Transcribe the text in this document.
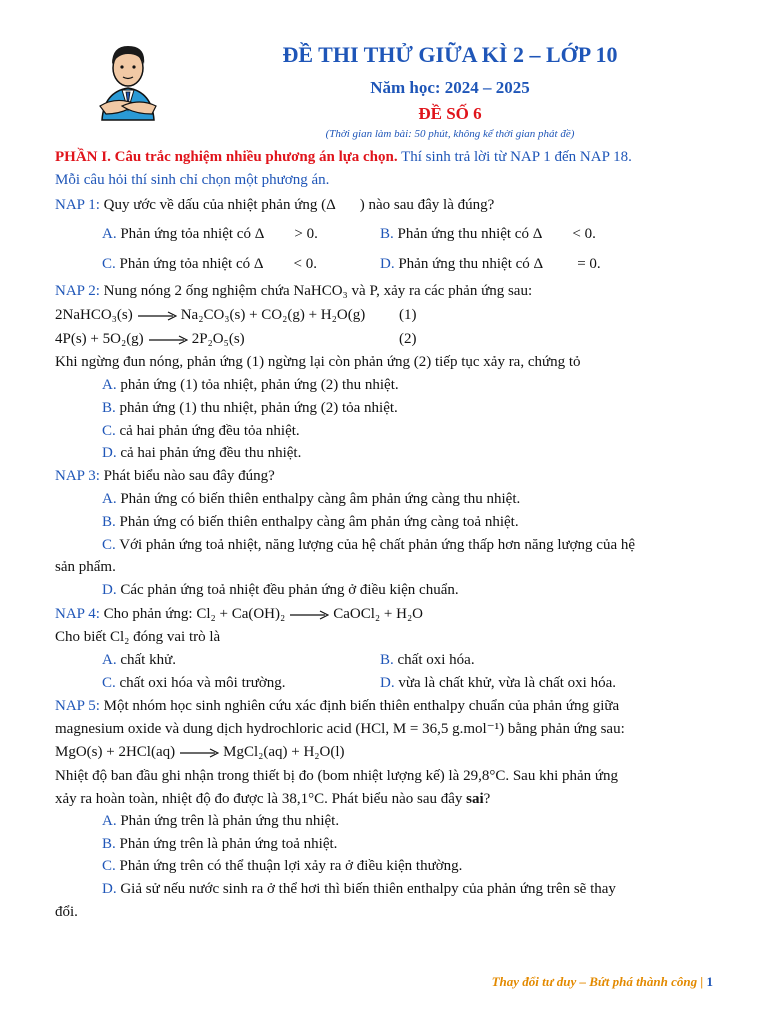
ĐỀ THI THỬ GIỮA KÌ 2 – LỚP 10
Năm học: 2024 – 2025
ĐỀ SỐ 6
(Thời gian làm bài: 50 phút, không kể thời gian phát đề)
PHẦN I. Câu trắc nghiệm nhiều phương án lựa chọn. Thí sinh trả lời từ NAP 1 đến NAP 18.
Mỗi câu hỏi thí sinh chỉ chọn một phương án.
NAP 1: Quy ước về dấu của nhiệt phản ứng (Δ ) nào sau đây là đúng?
A. Phản ứng tỏa nhiệt có Δ > 0.	B. Phản ứng thu nhiệt có Δ < 0.
C. Phản ứng tỏa nhiệt có Δ < 0.	D. Phản ứng thu nhiệt có Δ = 0.
NAP 2: Nung nóng 2 ống nghiệm chứa NaHCO₃ và P, xảy ra các phản ứng sau:
2NaHCO₃(s) → Na₂CO₃(s) + CO₂(g) + H₂O(g) (1)
4P(s) + 5O₂(g) → 2P₂O₅(s)	(2)
Khi ngừng đun nóng, phản ứng (1) ngừng lại còn phản ứng (2) tiếp tục xảy ra, chứng tỏ
A. phản ứng (1) tỏa nhiệt, phản ứng (2) thu nhiệt.
B. phản ứng (1) thu nhiệt, phản ứng (2) tỏa nhiệt.
C. cả hai phản ứng đều tỏa nhiệt.
D. cả hai phản ứng đều thu nhiệt.
NAP 3: Phát biểu nào sau đây đúng?
A. Phản ứng có biến thiên enthalpy càng âm phản ứng càng thu nhiệt.
B. Phản ứng có biến thiên enthalpy càng âm phản ứng càng toả nhiệt.
C. Với phản ứng toả nhiệt, năng lượng của hệ chất phản ứng thấp hơn năng lượng của hệ
sản phẩm.
D. Các phản ứng toả nhiệt đều phản ứng ở điều kiện chuẩn.
NAP 4: Cho phản ứng: Cl₂ + Ca(OH)₂ → CaOCl₂ + H₂O
Cho biết Cl₂ đóng vai trò là
A. chất khử.	B. chất oxi hóa.
C. chất oxi hóa và môi trường.	D. vừa là chất khử, vừa là chất oxi hóa.
NAP 5: Một nhóm học sinh nghiên cứu xác định biến thiên enthalpy chuẩn của phản ứng giữa
magnesium oxide và dung dịch hydrochloric acid (HCl, M = 36,5 g.mol⁻¹) bằng phản ứng sau:
MgO(s) + 2HCl(aq) → MgCl₂(aq) + H₂O(l)
Nhiệt độ ban đầu ghi nhận trong thiết bị đo (bom nhiệt lượng kế) là 29,8°C. Sau khi phản ứng
xảy ra hoàn toàn, nhiệt độ đo được là 38,1°C. Phát biểu nào sau đây sai?
A. Phản ứng trên là phản ứng thu nhiệt.
B. Phản ứng trên là phản ứng toả nhiệt.
C. Phản ứng trên có thể thuận lợi xảy ra ở điều kiện thường.
D. Giả sử nếu nước sinh ra ở thể hơi thì biến thiên enthalpy của phản ứng trên sẽ thay
đổi.
Thay đổi tư duy – Bứt phá thành công | 1
